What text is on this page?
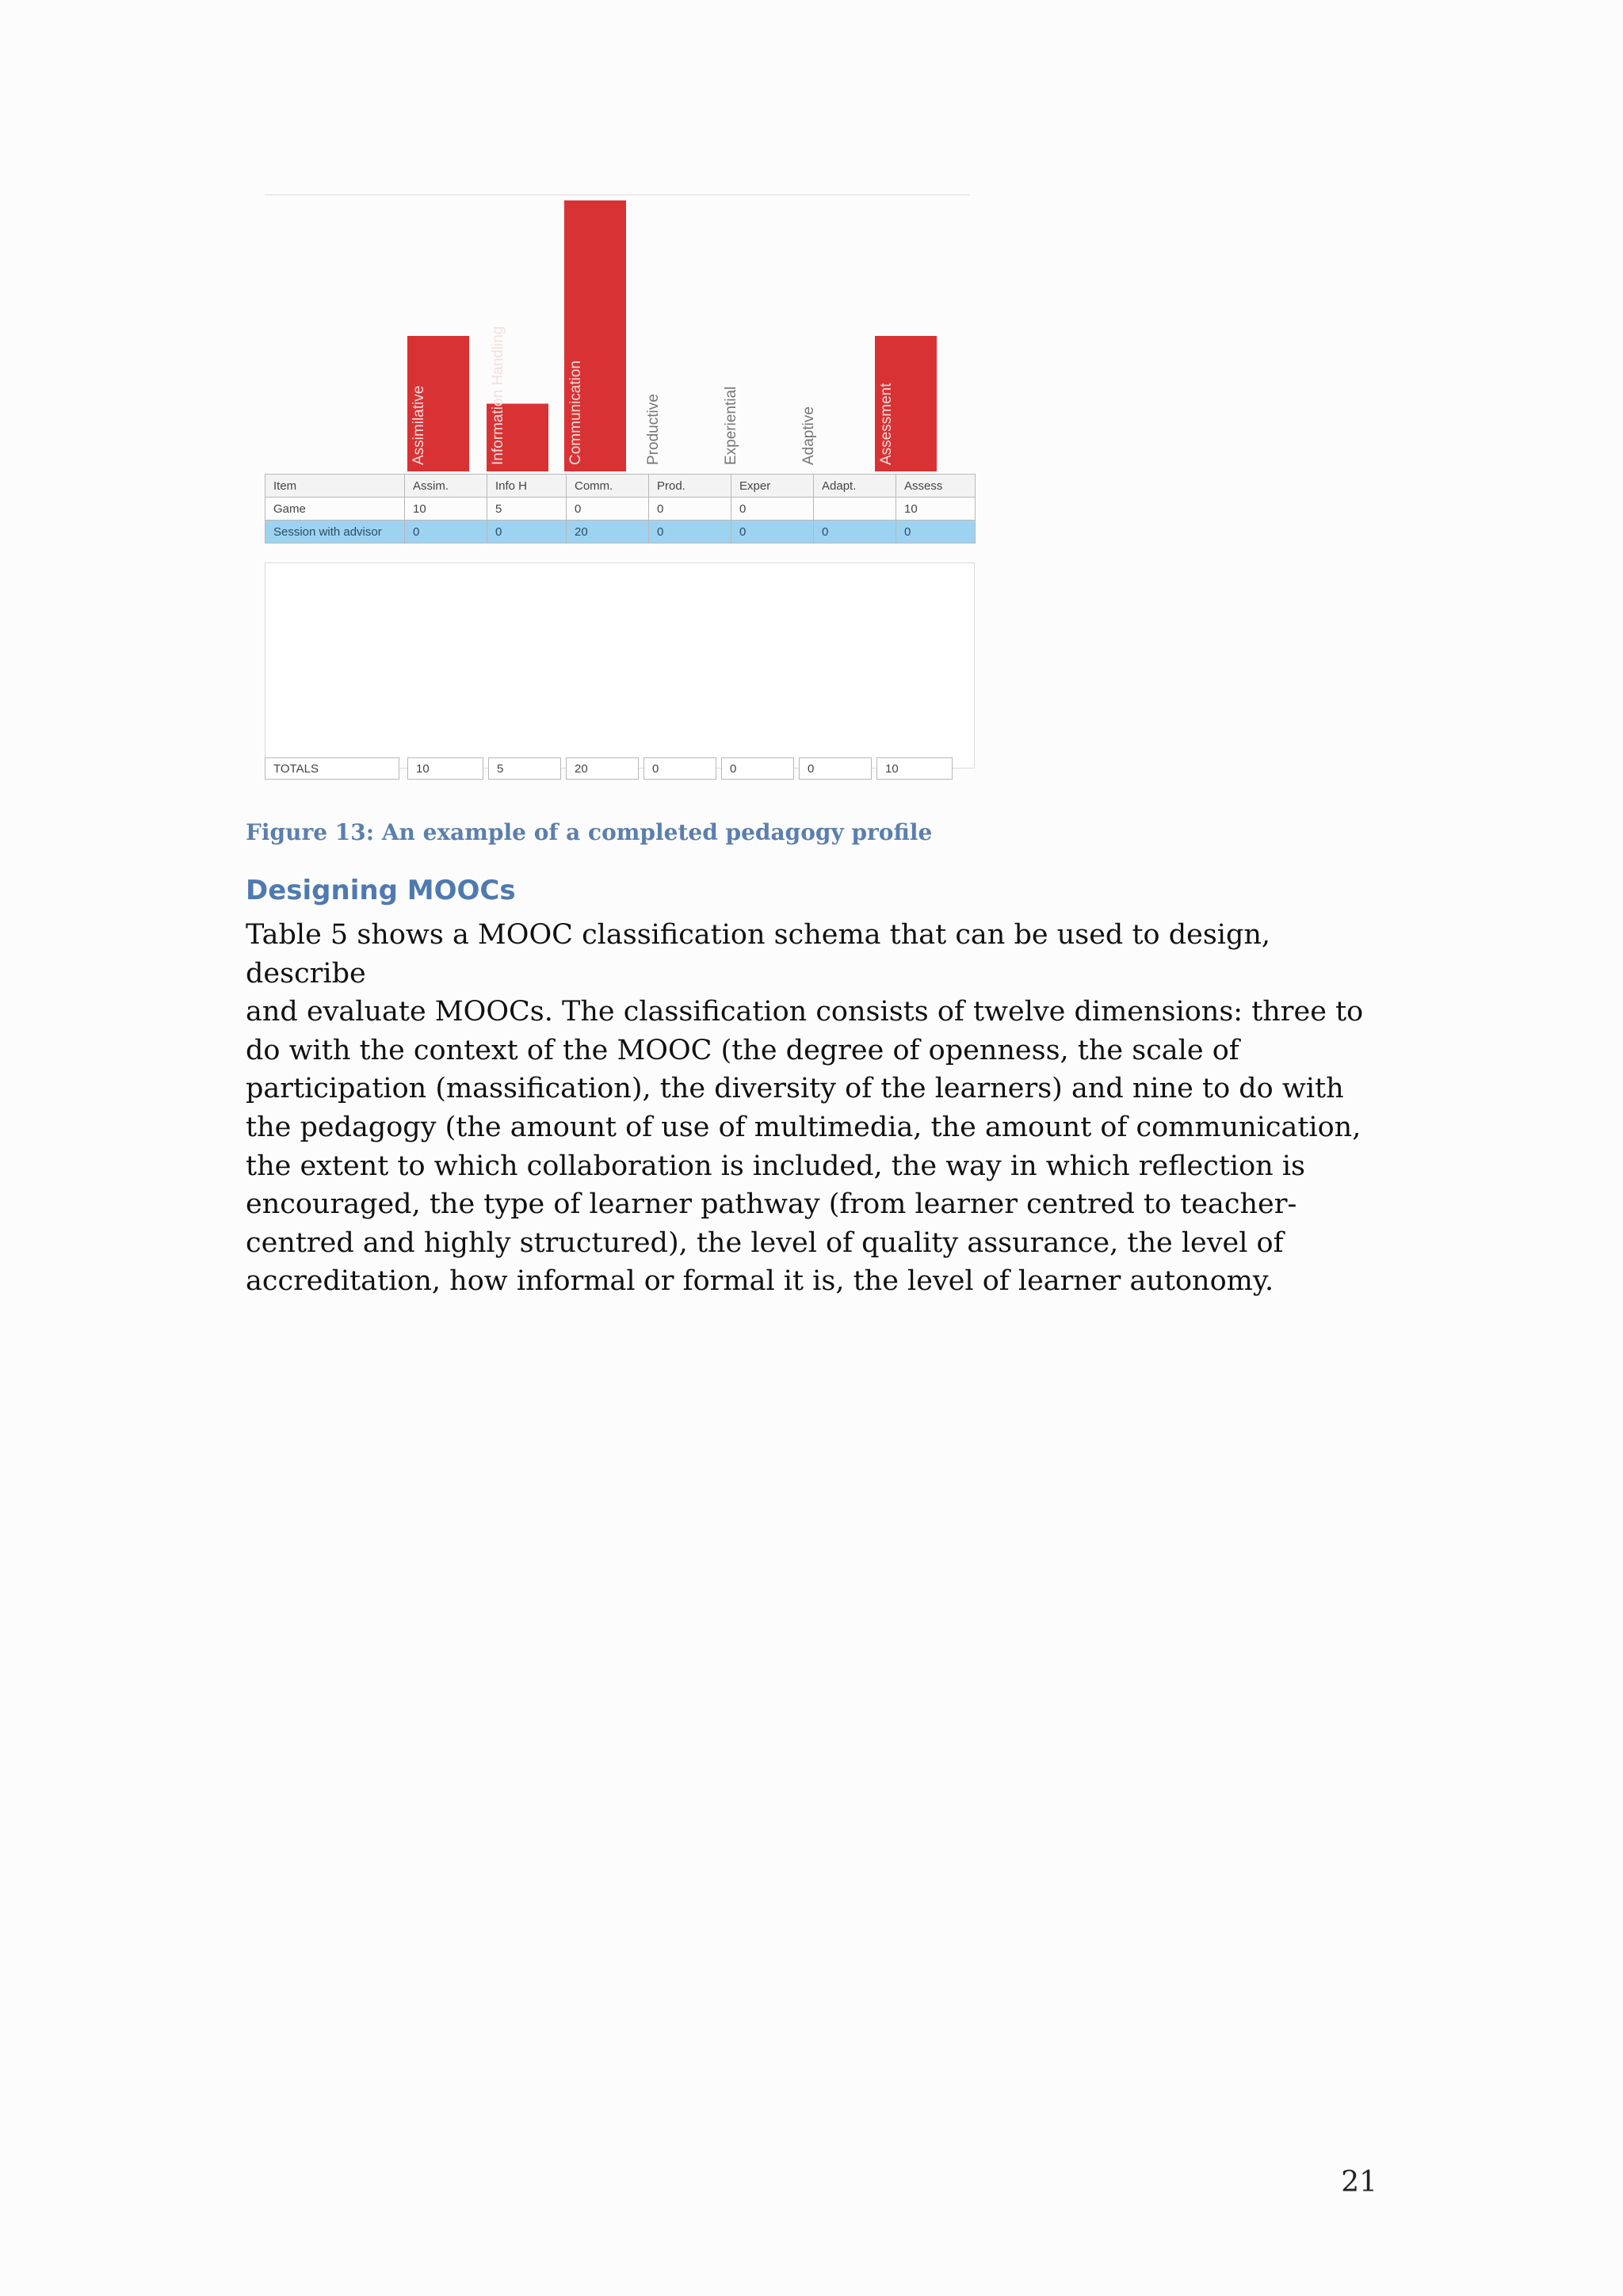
Assimilative	Information Handling	Communication	Productive	Experiential	Adaptive	Assessment
Item	Assim.	Info H	Comm.	Prod.	Exper	Adapt.	Assess
Game	10	5	0	0	0		10
Session with advisor	0	0	20	0	0	0	0
TOTALS	10	5	20	0	0	0	10

Figure 13: An example of a completed pedagogy profile

Designing MOOCs

Table 5 shows a MOOC classification schema that can be used to design, describe
and evaluate MOOCs. The classification consists of twelve dimensions: three to
do with the context of the MOOC (the degree of openness, the scale of
participation (massification), the diversity of the learners) and nine to do with
the pedagogy (the amount of use of multimedia, the amount of communication,
the extent to which collaboration is included, the way in which reflection is
encouraged, the type of learner pathway (from learner centred to teacher-
centred and highly structured), the level of quality assurance, the level of
accreditation, how informal or formal it is, the level of learner autonomy.

21
